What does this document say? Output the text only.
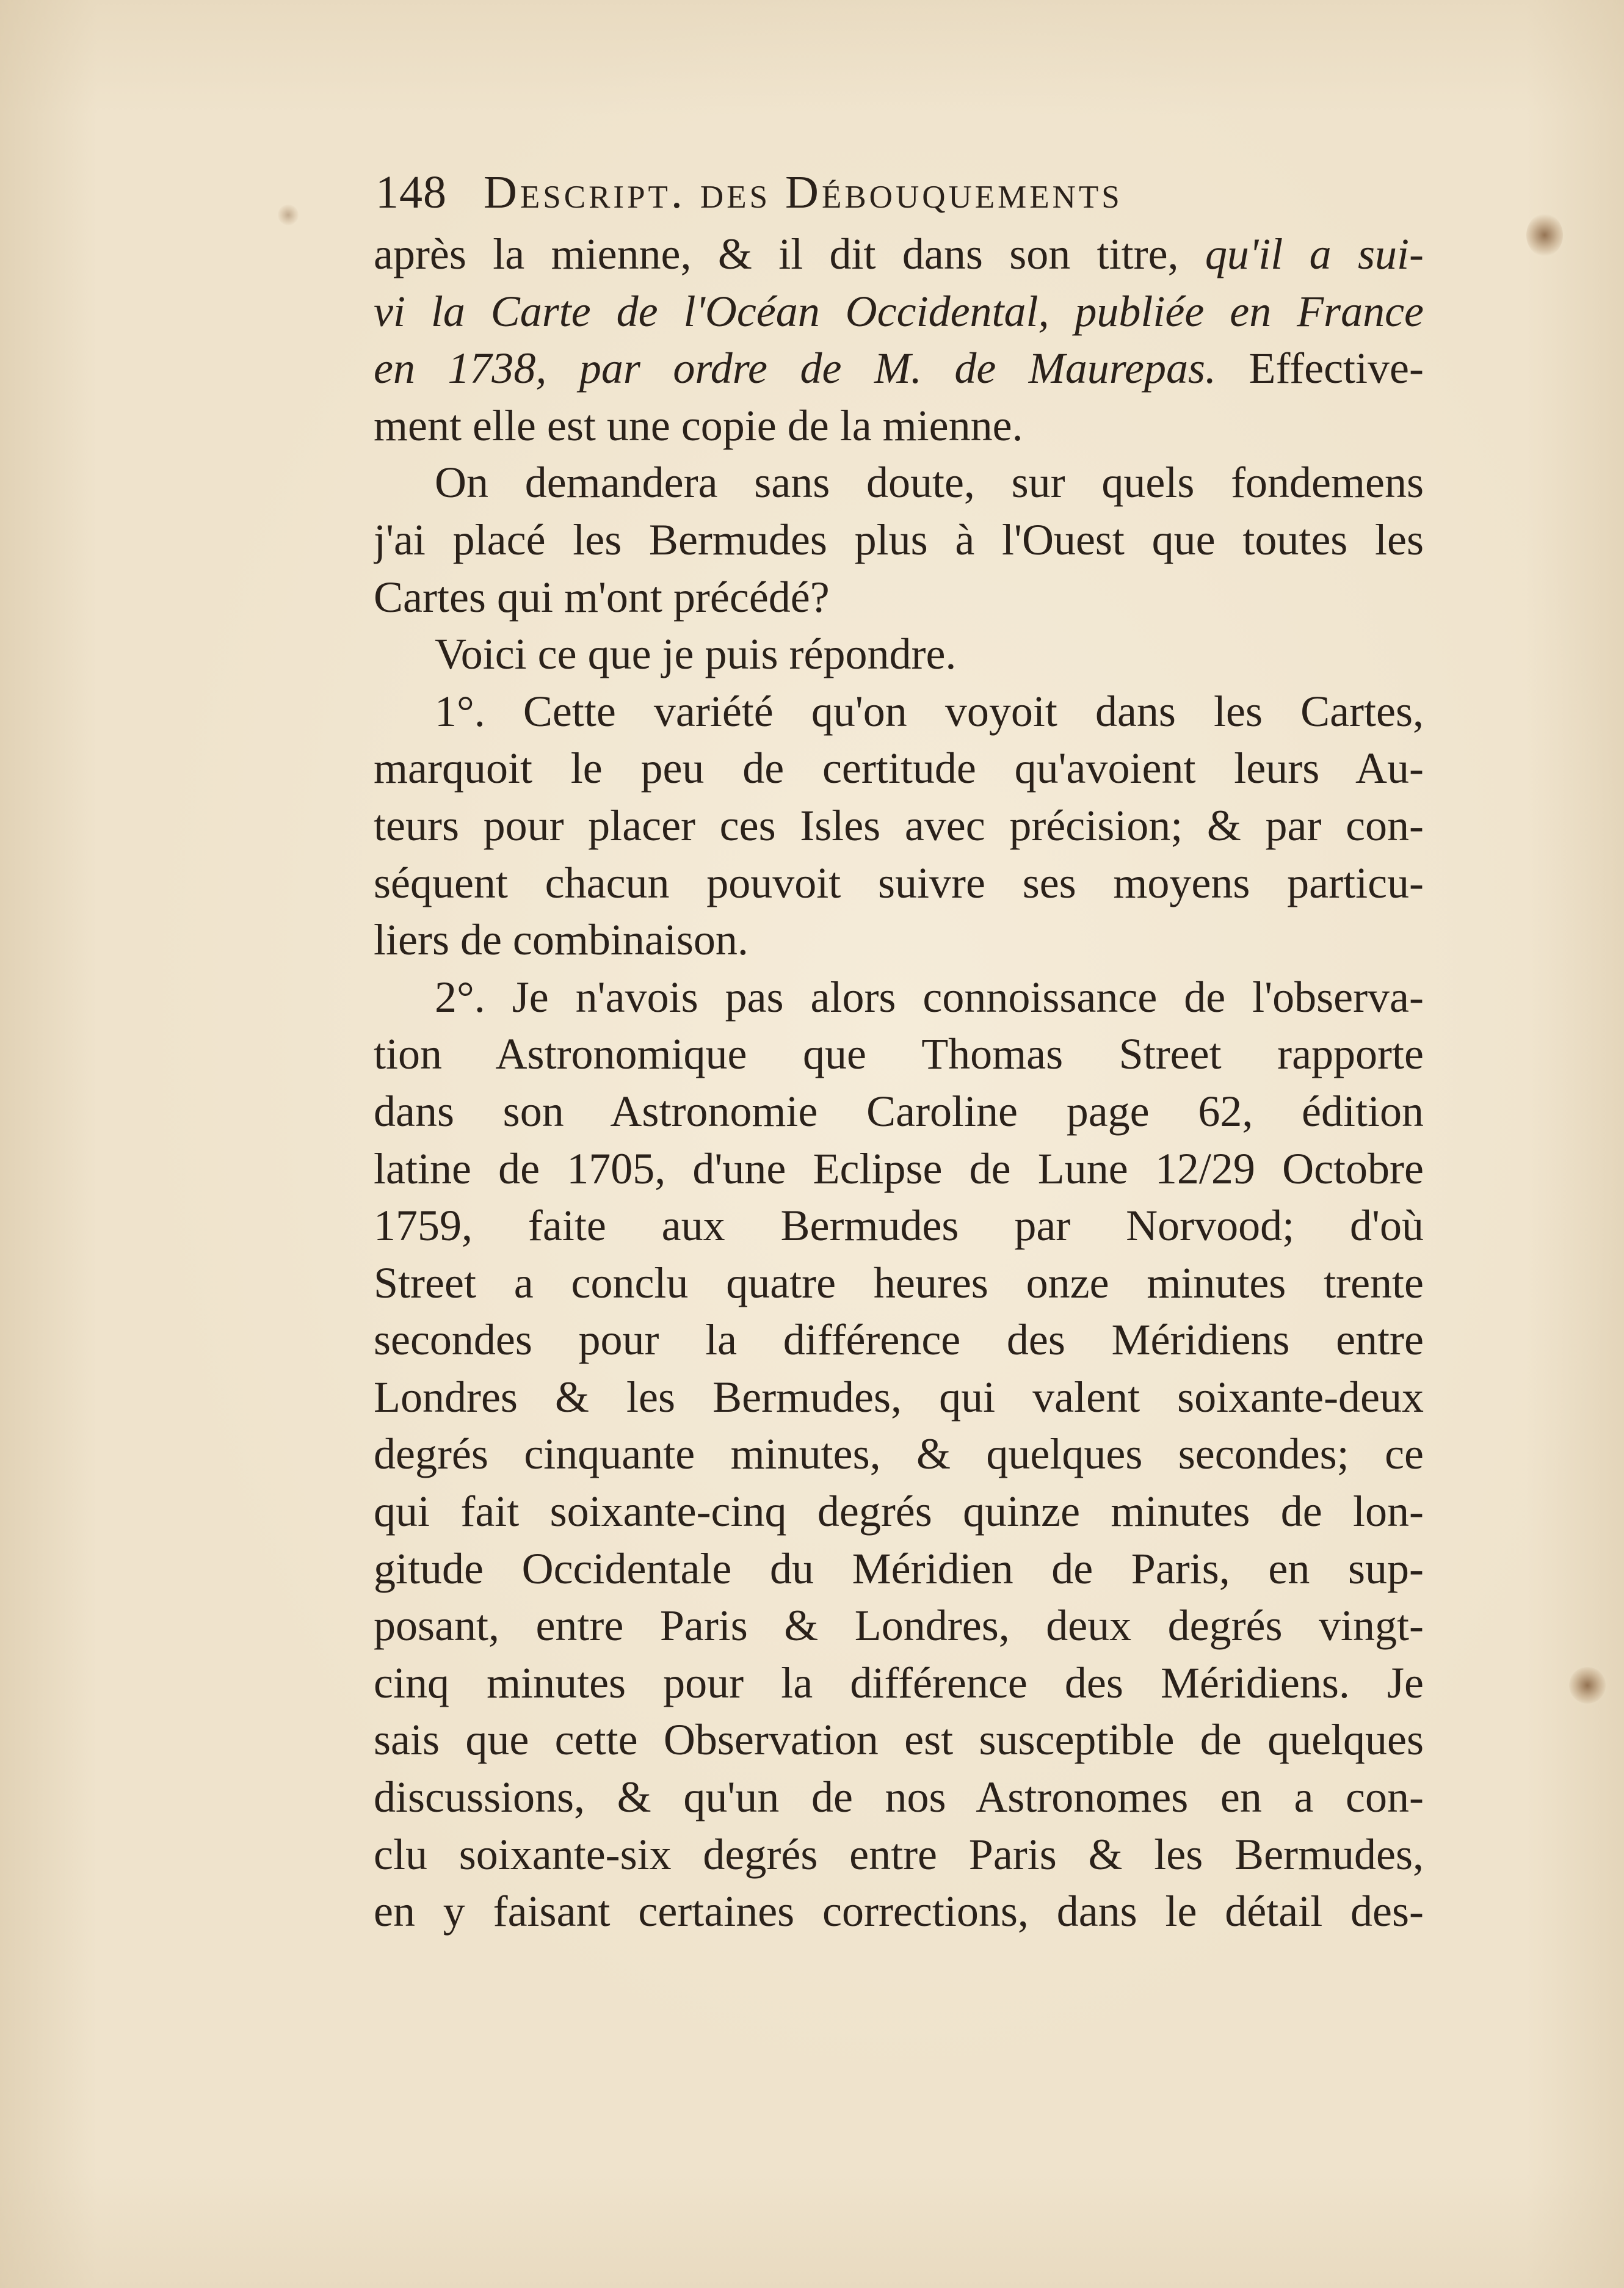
148 Descript. des Débouquements
après la mienne, & il dit dans son titre, qu'il a sui-
vi la Carte de l'Océan Occidental, publiée en France
en 1738, par ordre de M. de Maurepas. Effective-
ment elle est une copie de la mienne.
On demandera sans doute, sur quels fondemens
j'ai placé les Bermudes plus à l'Ouest que toutes les
Cartes qui m'ont précédé?
Voici ce que je puis répondre.
1°. Cette variété qu'on voyoit dans les Cartes,
marquoit le peu de certitude qu'avoient leurs Au-
teurs pour placer ces Isles avec précision; & par con-
séquent chacun pouvoit suivre ses moyens particu-
liers de combinaison.
2°. Je n'avois pas alors connoissance de l'observa-
tion Astronomique que Thomas Street rapporte
dans son Astronomie Caroline page 62, édition
latine de 1705, d'une Eclipse de Lune 12/29 Octobre
1759, faite aux Bermudes par Norvood; d'où
Street a conclu quatre heures onze minutes trente
secondes pour la différence des Méridiens entre
Londres & les Bermudes, qui valent soixante-deux
degrés cinquante minutes, & quelques secondes; ce
qui fait soixante-cinq degrés quinze minutes de lon-
gitude Occidentale du Méridien de Paris, en sup-
posant, entre Paris & Londres, deux degrés vingt-
cinq minutes pour la différence des Méridiens. Je
sais que cette Observation est susceptible de quelques
discussions, & qu'un de nos Astronomes en a con-
clu soixante-six degrés entre Paris & les Bermudes,
en y faisant certaines corrections, dans le détail des-
